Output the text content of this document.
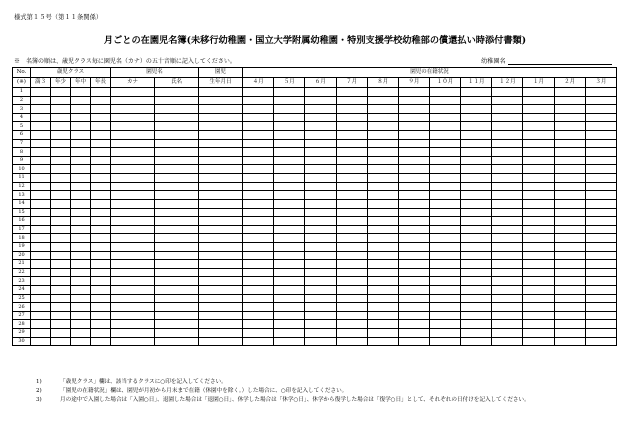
様式第１５号（第１１条関係）
月ごとの在園児名簿(未移行幼稚園・国立大学附属幼稚園・特別支援学校幼稚部の償還払い時添付書類)
※　名簿の順は、歳児クラス毎に園児名（カナ）の五十音順に記入してください。	幼稚園名
No.	歳児クラス				園児名		園児	園児の在籍状況											
(※)	満３	年少	年中	年長	カナ	氏名	生年月日	４月	５月	６月	７月	８月	９月	１０月	１１月	１２月	１月	２月	３月
1																			
2																			
3																			
4																			
5																			
6																			
7																			
8																			
9																			
10																			
11																			
12																			
13																			
14																			
15																			
16																			
17																			
18																			
19																			
20																			
21																			
22																			
23																			
24																			
25																			
26																			
27																			
28																			
29																			
30																			
1)	「歳児クラス」欄は、該当するクラスに○印を記入してください。
2)	「園児の在籍状況」欄は、園児が月初から月末まで在籍（休園中を除く。）した場合に、○印を記入してください。
3)	月の途中で入園した場合は「入園○日」、退園した場合は「退園○日」、休学した場合は「休学○日」、休学から復学した場合は「復学○日」として、それぞれの日付けを記入してください。
